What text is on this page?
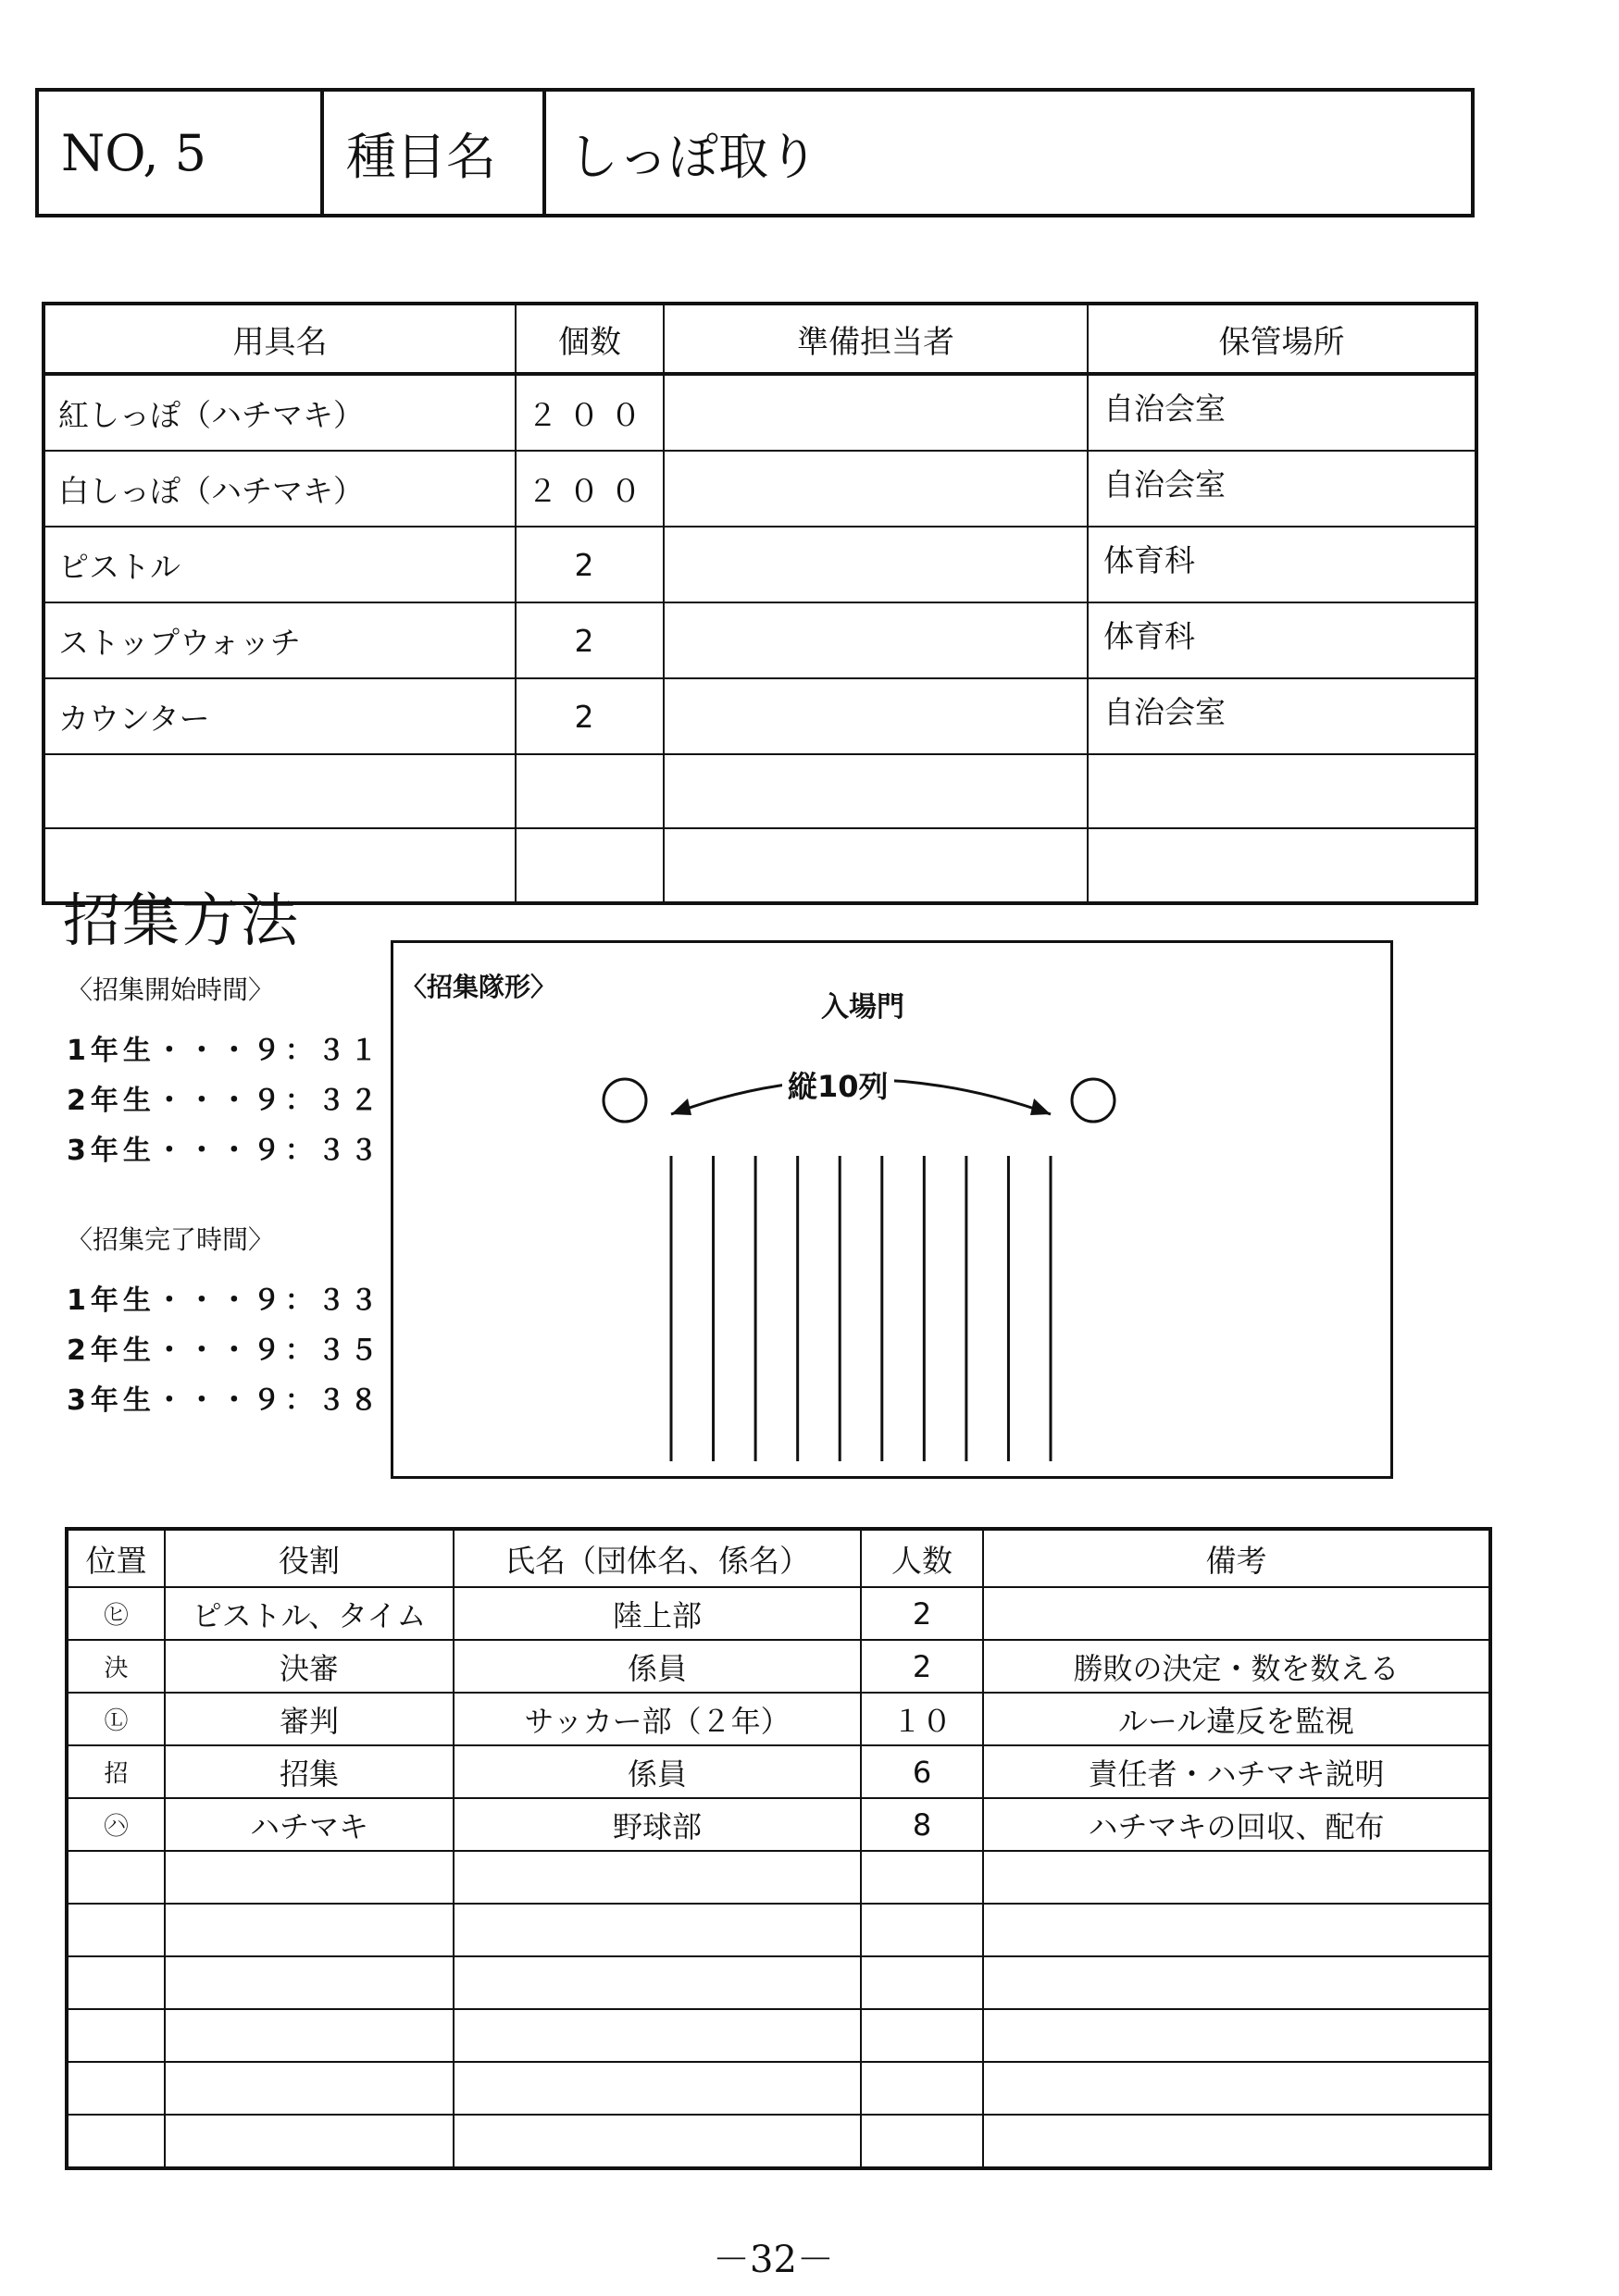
NO, 5	種目名	しっぽ取り
用具名	個数	準備担当者	保管場所
紅しっぽ（ハチマキ）	２００		自治会室
白しっぽ（ハチマキ）	２００		自治会室
ピストル	2		体育科
ストップウォッチ	2		体育科
カウンター	2		自治会室

招集方法
〈招集開始時間〉
1年生・・・９：３１
2年生・・・９：３２
3年生・・・９：３３
〈招集完了時間〉
1年生・・・９：３３
2年生・・・９：３５
3年生・・・９：３８
〈招集隊形〉
入場門
縦10列
位置	役割	氏名（団体名、係名）	人数	備考
㋪	ピストル、タイム	陸上部	2	
決	決審	係員	2	勝敗の決定・数を数える
Ⓛ	審判	サッカー部（２年）	１０	ルール違反を監視
招	招集	係員	6	責任者・ハチマキ説明
㋩	ハチマキ	野球部	8	ハチマキの回収、配布

－32－
